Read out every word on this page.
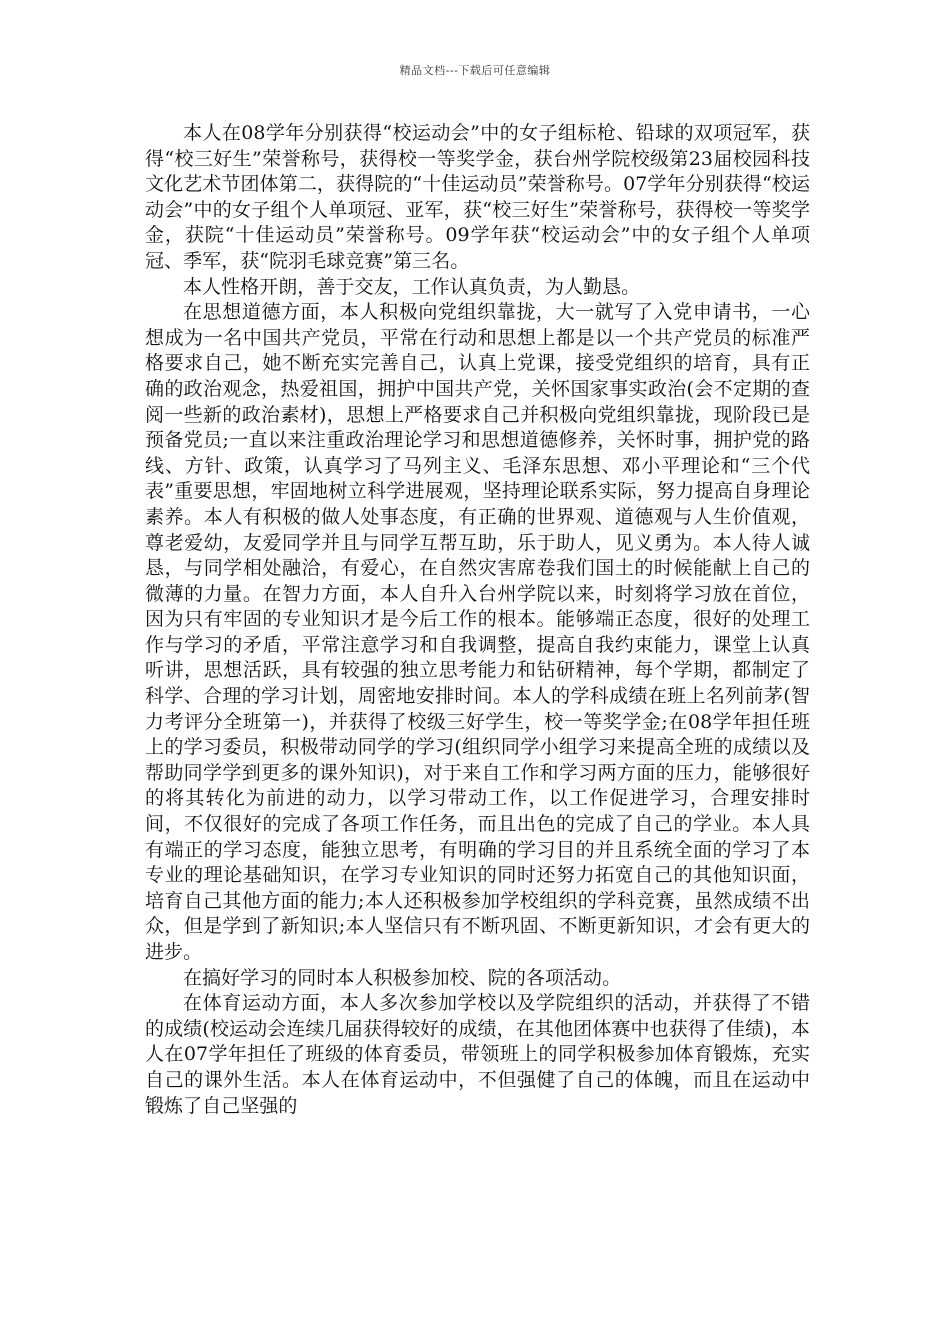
精品文档---下载后可任意编辑

本人在08学年分别获得“校运动会”中的女子组标枪、铅球的双项冠军，获得“校三好生”荣誉称号，获得校一等奖学金，获台州学院校级第23届校园科技文化艺术节团体第二，获得院的“十佳运动员”荣誉称号。07学年分别获得“校运动会”中的女子组个人单项冠、亚军，获“校三好生”荣誉称号，获得校一等奖学金，获院“十佳运动员”荣誉称号。09学年获“校运动会”中的女子组个人单项冠、季军，获“院羽毛球竞赛”第三名。

本人性格开朗，善于交友，工作认真负责，为人勤恳。

在思想道德方面，本人积极向党组织靠拢，大一就写了入党申请书，一心想成为一名中国共产党员，平常在行动和思想上都是以一个共产党员的标准严格要求自己，她不断充实完善自己，认真上党课，接受党组织的培育，具有正确的政治观念，热爱祖国，拥护中国共产党，关怀国家事实政治(会不定期的查阅一些新的政治素材)，思想上严格要求自己并积极向党组织靠拢，现阶段已是预备党员;一直以来注重政治理论学习和思想道德修养，关怀时事，拥护党的路线、方针、政策，认真学习了马列主义、毛泽东思想、邓小平理论和“三个代表”重要思想，牢固地树立科学进展观，坚持理论联系实际，努力提高自身理论素养。本人有积极的做人处事态度，有正确的世界观、道德观与人生价值观，尊老爱幼，友爱同学并且与同学互帮互助，乐于助人，见义勇为。本人待人诚恳，与同学相处融洽，有爱心，在自然灾害席卷我们国土的时候能献上自己的微薄的力量。在智力方面，本人自升入台州学院以来，时刻将学习放在首位，因为只有牢固的专业知识才是今后工作的根本。能够端正态度，很好的处理工作与学习的矛盾，平常注意学习和自我调整，提高自我约束能力，课堂上认真听讲，思想活跃，具有较强的独立思考能力和钻研精神，每个学期，都制定了科学、合理的学习计划，周密地安排时间。本人的学科成绩在班上名列前茅(智力考评分全班第一)，并获得了校级三好学生，校一等奖学金;在08学年担任班上的学习委员，积极带动同学的学习(组织同学小组学习来提高全班的成绩以及帮助同学学到更多的课外知识)，对于来自工作和学习两方面的压力，能够很好的将其转化为前进的动力，以学习带动工作，以工作促进学习，合理安排时间，不仅很好的完成了各项工作任务，而且出色的完成了自己的学业。本人具有端正的学习态度，能独立思考，有明确的学习目的并且系统全面的学习了本专业的理论基础知识，在学习专业知识的同时还努力拓宽自己的其他知识面，培育自己其他方面的能力;本人还积极参加学校组织的学科竞赛，虽然成绩不出众，但是学到了新知识;本人坚信只有不断巩固、不断更新知识，才会有更大的进步。

在搞好学习的同时本人积极参加校、院的各项活动。

在体育运动方面，本人多次参加学校以及学院组织的活动，并获得了不错的成绩(校运动会连续几届获得较好的成绩，在其他团体赛中也获得了佳绩)，本人在07学年担任了班级的体育委员，带领班上的同学积极参加体育锻炼，充实自己的课外生活。本人在体育运动中，不但强健了自己的体魄，而且在运动中锻炼了自己坚强的
